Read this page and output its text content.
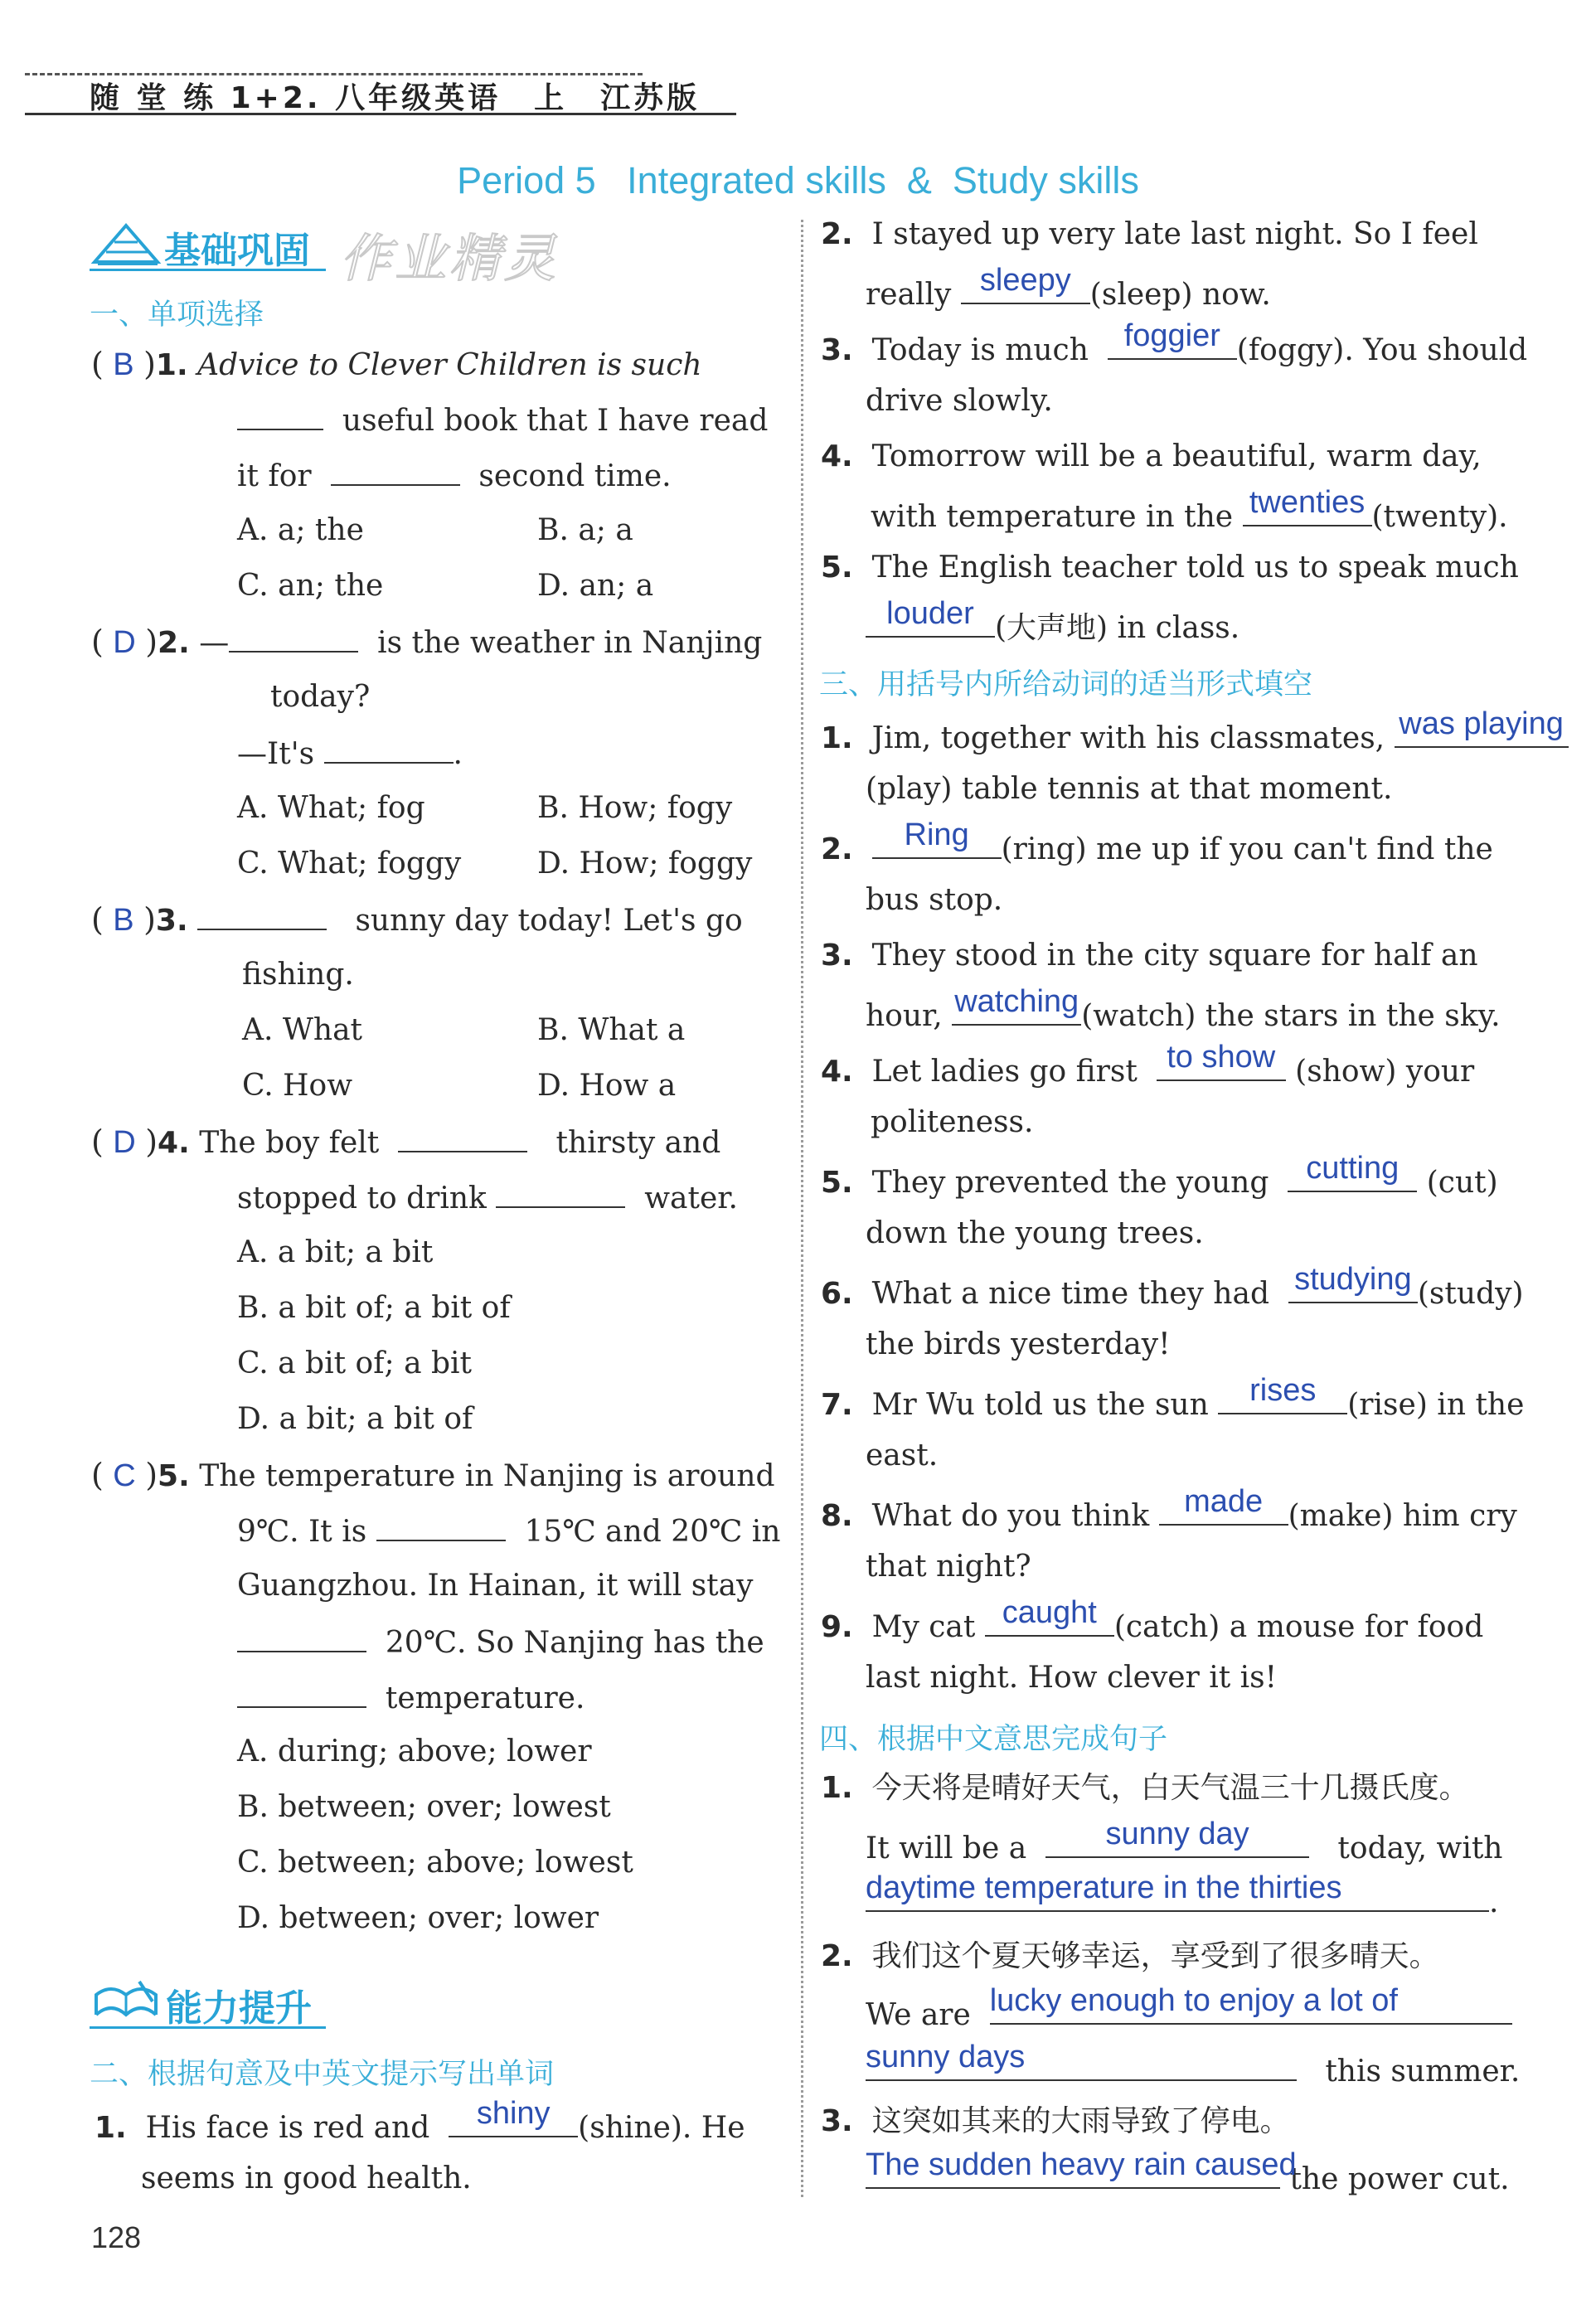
随 堂 练 1+2. 八年级英语　上　江苏版
Period 5   Integrated skills  &  Study skills
基础巩固 作业精灵
一、单项选择
( B )1. Advice to Clever Children is such
useful book that I have read
it for	second time.
A. a; the	B. a; a
C. an; the	D. an; a
( D )2. —	is the weather in Nanjing
today?
—It's	.
A. What; fog	B. How; fogy
C. What; foggy	D. How; foggy
( B )3.	sunny day today! Let's go
fishing.
A. What	B. What a
C. How	D. How a
( D )4. The boy felt	thirsty and
stopped to drink	water.
A. a bit; a bit
B. a bit of; a bit of
C. a bit of; a bit
D. a bit; a bit of
( C )5. The temperature in Nanjing is around
9℃. It is	15℃ and 20℃ in
Guangzhou. In Hainan, it will stay
20℃. So Nanjing has the
temperature.
A. during; above; lower
B. between; over; lowest
C. between; above; lowest
D. between; over; lower
能力提升
二、根据句意及中英文提示写出单词
1. His face is red and	shiny (shine). He
seems in good health.
128
2. I stayed up very late last night. So I feel
really sleepy (sleep) now.
3. Today is much	foggier (foggy). You should
drive slowly.
4. Tomorrow will be a beautiful, warm day,
with temperature in the twenties (twenty).
5. The English teacher told us to speak much
louder (大声地) in class.
三、用括号内所给动词的适当形式填空
1. Jim, together with his classmates, was playing
(play) table tennis at that moment.
2.	Ring	(ring) me up if you can't find the
bus stop.
3. They stood in the city square for half an
hour, watching (watch) the stars in the sky.
4. Let ladies go first to show (show) your
politeness.
5. They prevented the young	cutting (cut)
down the young trees.
6. What a nice time they had studying (study)
the birds yesterday!
7. Mr Wu told us the sun	rises	(rise) in the
east.
8. What do you think	made (make) him cry
that night?
9. My cat caught (catch) a mouse for food
last night. How clever it is!
四、根据中文意思完成句子
1. 今天将是晴好天气，白天气温三十几摄氏度。
It will be a	sunny day	today, with
daytime temperature in the thirties	.
2. 我们这个夏天够幸运，享受到了很多晴天。
We are lucky enough to enjoy a lot of
sunny days	this summer.
3. 这突如其来的大雨导致了停电。
The sudden heavy rain caused
the power cut.
